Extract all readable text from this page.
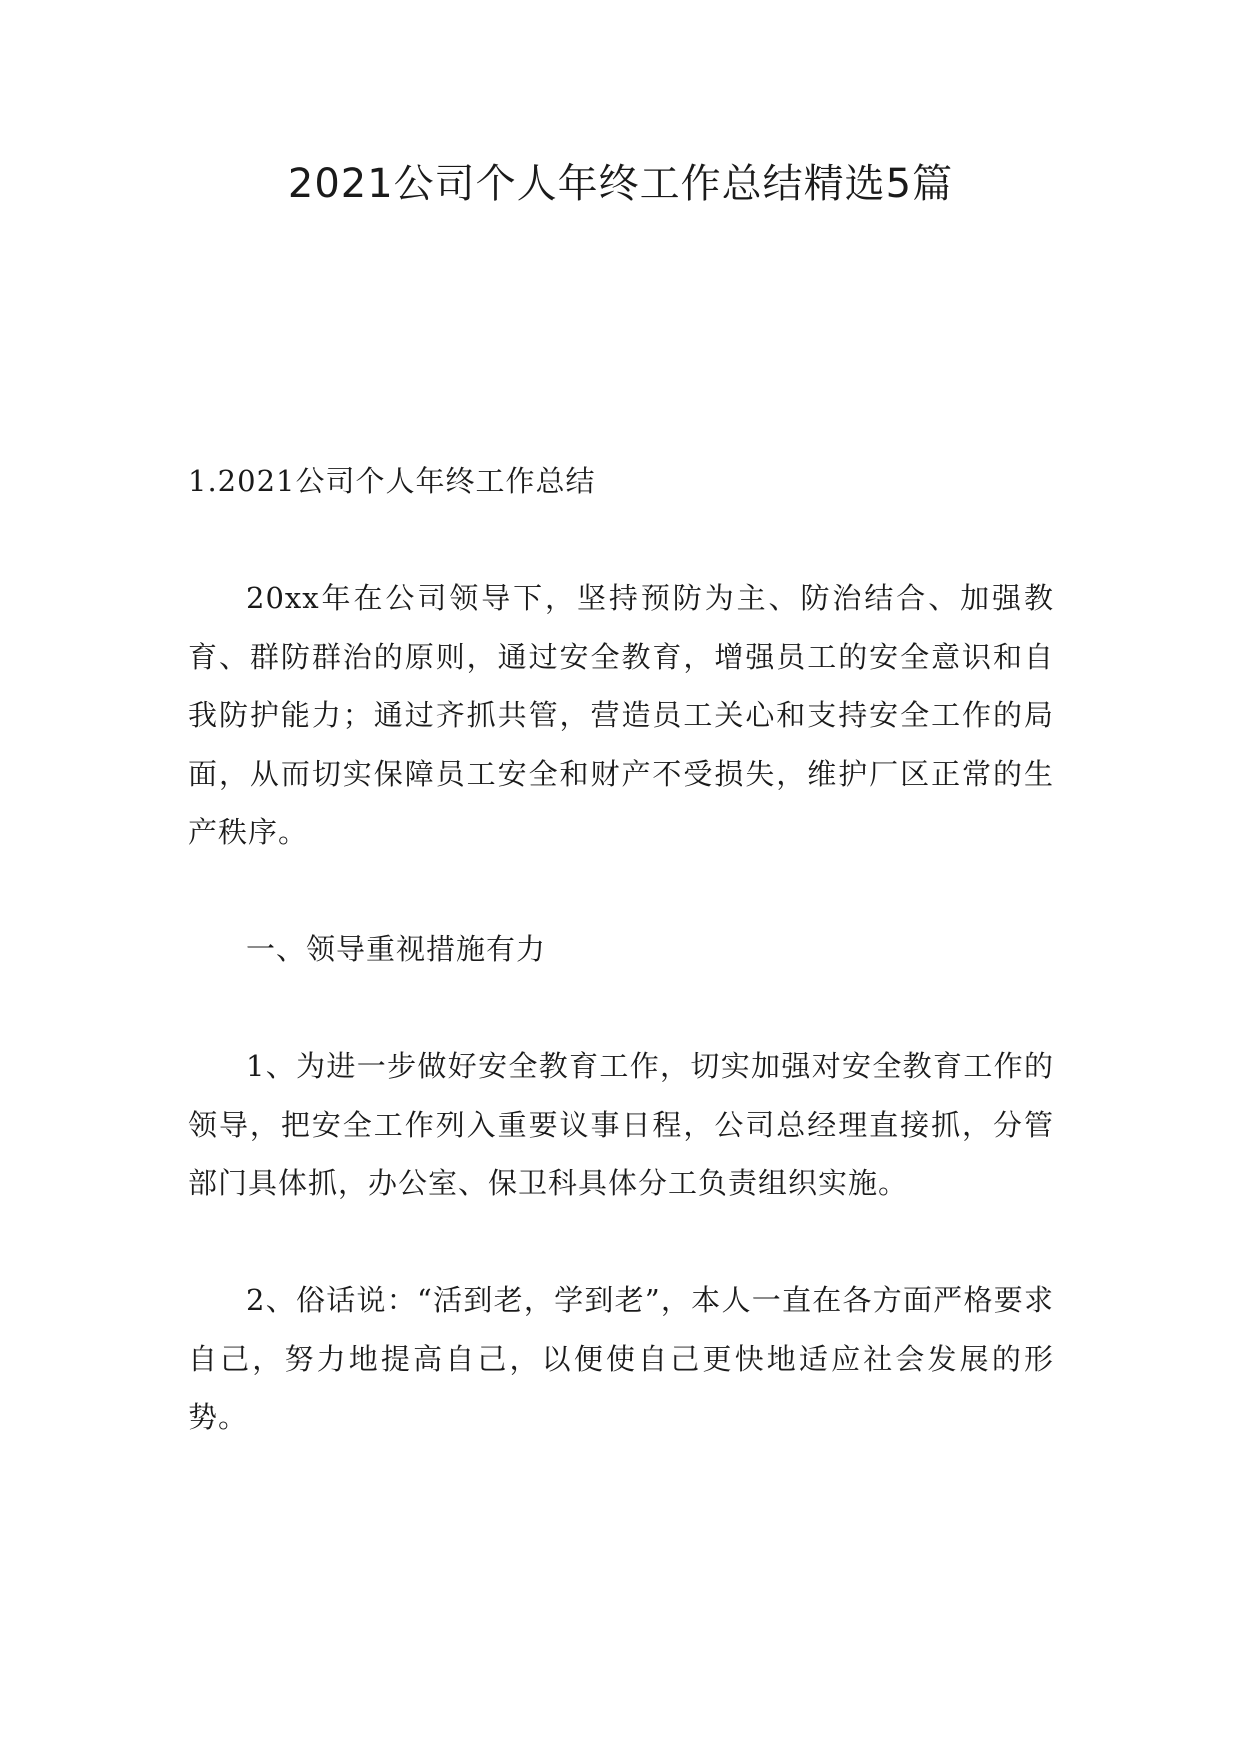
2021公司个人年终工作总结精选5篇
1.2021公司个人年终工作总结

20xx年在公司领导下，坚持预防为主、防治结合、加强教育、群防群治的原则，通过安全教育，增强员工的安全意识和自我防护能力；通过齐抓共管，营造员工关心和支持安全工作的局面，从而切实保障员工安全和财产不受损失，维护厂区正常的生产秩序。

一、领导重视措施有力

1、为进一步做好安全教育工作，切实加强对安全教育工作的领导，把安全工作列入重要议事日程，公司总经理直接抓，分管部门具体抓，办公室、保卫科具体分工负责组织实施。

2、俗话说：“活到老，学到老”，本人一直在各方面严格要求自己，努力地提高自己，以便使自己更快地适应社会发展的形势。
